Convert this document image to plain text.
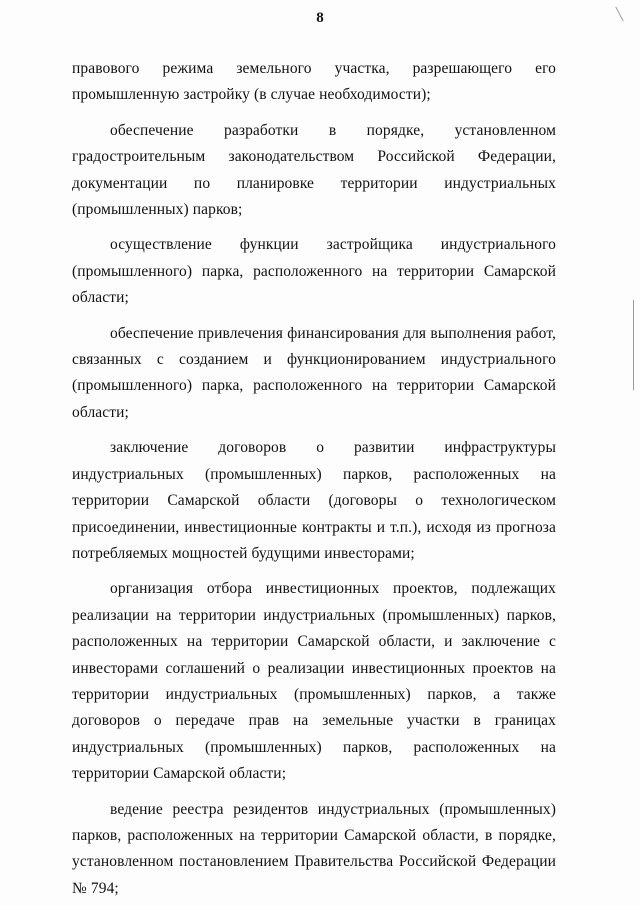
8

правового режима земельного участка, разрешающего его промышленную застройку (в случае необходимости);

обеспечение разработки в порядке, установленном градостроительным законодательством Российской Федерации, документации по планировке территории индустриальных (промышленных) парков;

осуществление функции застройщика индустриального (промышленного) парка, расположенного на территории Самарской области;

обеспечение привлечения финансирования для выполнения работ, связанных с созданием и функционированием индустриального (промышленного) парка, расположенного на территории Самарской области;

заключение договоров о развитии инфраструктуры индустриальных (промышленных) парков, расположенных на территории Самарской области (договоры о технологическом присоединении, инвестиционные контракты и т.п.), исходя из прогноза потребляемых мощностей будущими инвесторами;

организация отбора инвестиционных проектов, подлежащих реализации на территории индустриальных (промышленных) парков, расположенных на территории Самарской области, и заключение с инвесторами соглашений о реализации инвестиционных проектов на территории индустриальных (промышленных) парков, а также договоров о передаче прав на земельные участки в границах индустриальных (промышленных) парков, расположенных на территории Самарской области;

ведение реестра резидентов индустриальных (промышленных) парков, расположенных на территории Самарской области, в порядке, установленном постановлением Правительства Российской Федерации № 794;
